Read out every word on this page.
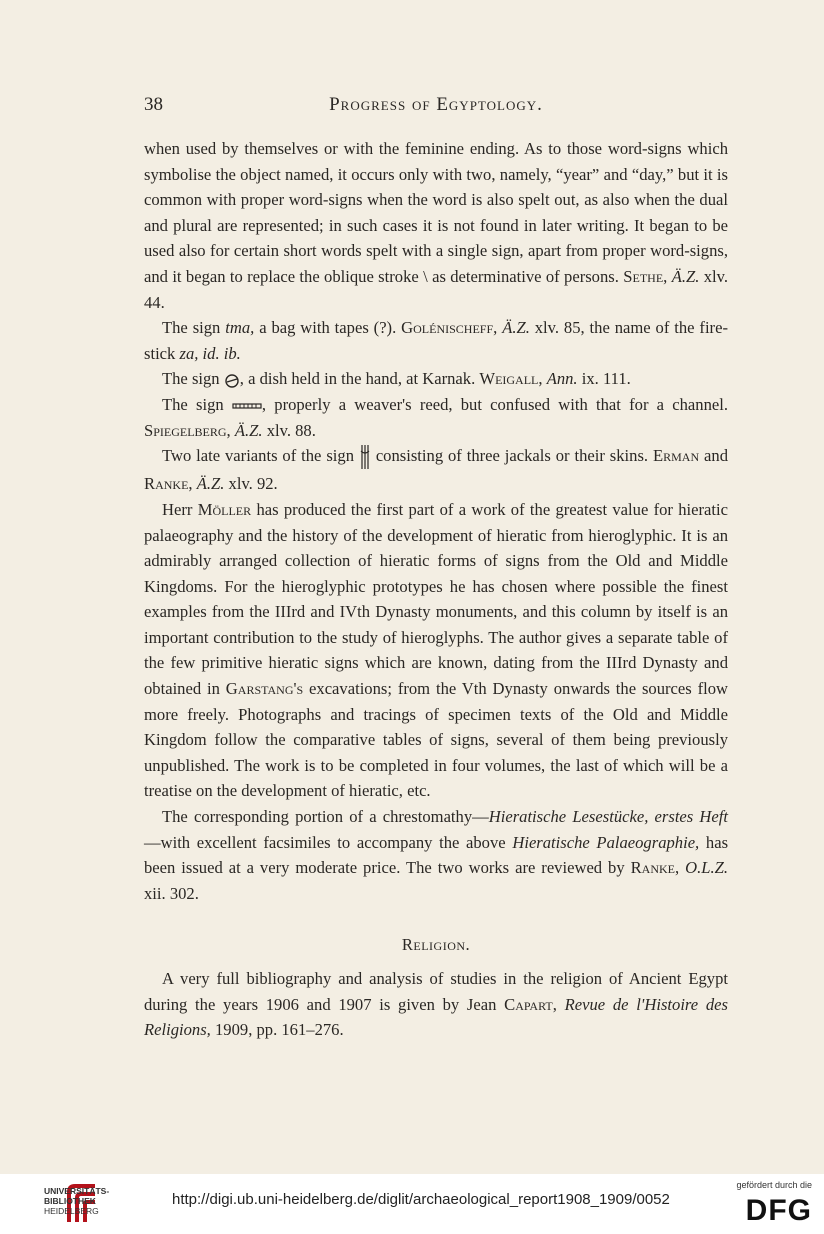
38	Progress of Egyptology.

when used by themselves or with the feminine ending. As to those word-signs which symbolise the object named, it occurs only with two, namely, “year” and “day,” but it is common with proper word-signs when the word is also spelt out, as also when the dual and plural are represented; in such cases it is not found in later writing. It began to be used also for certain short words spelt with a single sign, apart from proper word-signs, and it began to replace the oblique stroke \ as determinative of persons. Sethe, Ä.Z. xlv. 44.

The sign tma, a bag with tapes (?). Golénischeff, Ä.Z. xlv. 85, the name of the fire-stick za, id. ib.

The sign , a dish held in the hand, at Karnak. Weigall, Ann. ix. 111.

The sign , properly a weaver's reed, but confused with that for a channel. Spiegelberg, Ä.Z. xlv. 88.

Two late variants of the sign consisting of three jackals or their skins. Erman and Ranke, Ä.Z. xlv. 92.

Herr Möller has produced the first part of a work of the greatest value for hieratic palaeography and the history of the development of hieratic from hieroglyphic. It is an admirably arranged collection of hieratic forms of signs from the Old and Middle Kingdoms. For the hieroglyphic prototypes he has chosen where possible the finest examples from the IIIrd and IVth Dynasty monuments, and this column by itself is an important contribution to the study of hieroglyphs. The author gives a separate table of the few primitive hieratic signs which are known, dating from the IIIrd Dynasty and obtained in Garstang's excavations; from the Vth Dynasty onwards the sources flow more freely. Photographs and tracings of specimen texts of the Old and Middle Kingdom follow the comparative tables of signs, several of them being previously unpublished. The work is to be completed in four volumes, the last of which will be a treatise on the development of hieratic, etc.

The corresponding portion of a chrestomathy—Hieratische Lesestücke, erstes Heft—with excellent facsimiles to accompany the above Hieratische Palaeographie, has been issued at a very moderate price. The two works are reviewed by Ranke, O.L.Z. xii. 302.

Religion.

A very full bibliography and analysis of studies in the religion of Ancient Egypt during the years 1906 and 1907 is given by Jean Capart, Revue de l'Histoire des Religions, 1909, pp. 161–276.

UNIVERSITÄTS-
BIBLIOTHEK
HEIDELBERG
http://digi.ub.uni-heidelberg.de/diglit/archaeological_report1908_1909/0052
gefördert durch die
DFG
